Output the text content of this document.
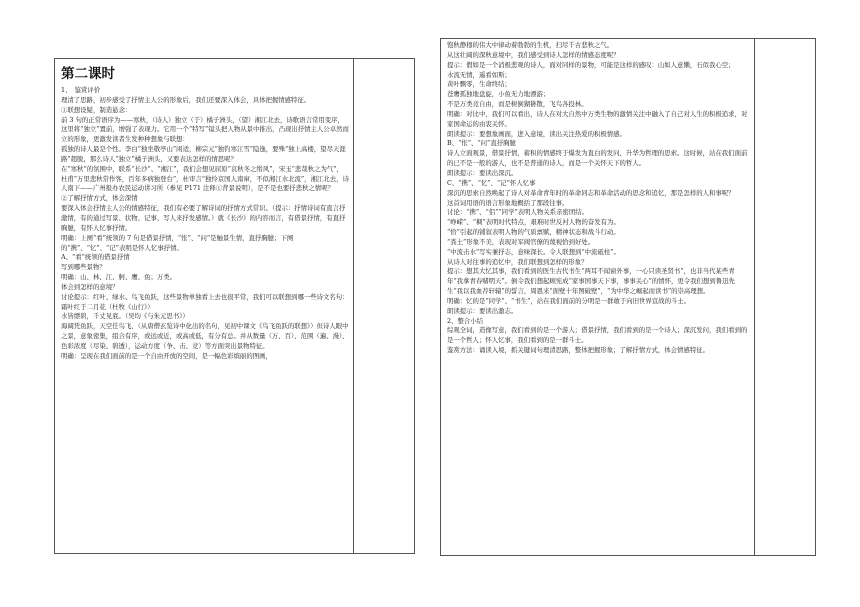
第二课时
1、　鉴赏评价
理清了思路，初步感受了抒情主人公的形象后，我们还要深入体会，具体把握情感特征。
①联想设疑，制造悬念：
前 3 句的正常语序为——寒秋，（诗人）独立（于）橘子洲头，（望）湘江北去，诗歌语言常用变序，这里将“独立”置前，增强了表现力。它用一个“特写”镜头把人物从景中推出，凸现出抒情主人公卓然而立的形象，更激发读者生发种种想象与联想：
孤独的诗人最是个性。李白“独坐敬亭山”闲适，柳宗元“独钓寒江雪”隐逸，要殊“独上高楼，望尽天涯路”超脱，那么诗人“独立”橘子洲头，又要表达怎样的情思呢？
在“寒秋”的氛围中，联系“长沙”、“湘江”，我们会想见屈原“哀秋冬之缗风”，宋玉“悲哉秋之为气”，杜甫“万里悲秋常作客，百年多病独登台”，杜审言“独怜京国人南窜，不似湘江水北流”，湘江北去，诗人南下——广州报办农民运动讲习所（参见 P171 注释①背景说明），是不是也要抒悲秋之情呢？
②了解抒情方式，体会深情
要深入体会抒情主人公的情感特征，我们有必要了解诗词的抒情方式常识。（提示：抒情诗词有直言抒激情，有的通过写景、状物、记事、写人来抒发感情。）就《长沙》的内容而言，有借景抒情，有直抒胸臆，有怀人忆事抒情。
明确：上阕“看”统领的 7 句是借景抒情，“怅”、“问”是触景生情，直抒胸臆；下阕的“携”、“忆”、“记”表明是怀人忆事抒情。
A、“看”统领的借景抒情
写到哪些景物？
明确：山、林、江、舸、鹰、鱼；万类。
体会到怎样的意境？
讨论提示：红叶、绿水、鸟飞鱼跃，这些景物单独看上去也很平常，我们可以联想到哪一些诗文名句：
霜叶红于二月花（杜牧《山行》）
水皆缥碧，千丈见底。（吴均《与朱元思书》）
海阔凭鱼跃，天空任鸟飞、（从唐僧玄览诗中化出的名句，见初中课文《鸟飞鱼跃的联想》）但诗人眼中之景，意象密集，组合有序，或远或近，或高或低，有分有总。并从数量（万、百）、范围（遍、漫）、色彩浓度（尽染、碧透），运动方度（争、击、竞）等方面突出景物特征。
明确：呈现在我们面前的是一个自由开放的空间，是一幅色彩缤丽的图画，

饱秋静穆的伟大中律动着勃勃的生机，扫尽千古悲秋之气。
从这壮阔的深秋意境中，我们感受到诗人怎样的情感态度呢？
提示：假如是一个消极悲观的诗人，面对同样的景物，可能是这样的感叹：山如人意懒，石似我心空；
水流无情，遥看如斯；
黄叶飘零，生命终结；
苍鹰孤独地盘旋，小鱼无力地漂游；
不是万类竞自由，而是树倒猢狲散，飞鸟各投林。
明确：对比中，我们可以看出，诗人在对大自然中万类生物的激情关注中融入了自己对人生的积极追求，对家国命运的由衷关怀。
朗读提示：要想象画面，进入意境，读出关注热爱的积极情感。
B、“怅”、“问”直抒胸臆
诗人立面观景，借景抒情，蓄积的情感终于爆发为直白的发问，升华为哲理的思索。这时候，站在我们面前的已不是一般的游人，也不是普通的诗人，而是一个关怀天下的哲人。
朗读提示：要读出深沉。
C、“携”、“忆”、“记”怀人忆事
深沉的思索自然唤起了诗人对革命青年时的革命同志和革命活动的思念和追忆，那是怎样的人和事呢？
这首词用语的语言形象地概括了那段往事。
讨论：“携”、“侣”“同学”表明人物关系亲密团结。
“峥嵘”、“稠”表明时代特点，艰难时世反衬人物的奋发有为。
“恰”引起的铺叙表明人物的气质禀赋，精神状态和战斗行动。
“粪土”形象不美，表现对军阀官僚的蔑视恰到好处。
“中流击水”写实兼抒志，意味深长。令人联想到“中流砥柱”。
从诗人对往事的追忆中，我们联想到怎样的形象？
提示：想其大忆其事，我们看到的医生古代书生“两耳不闻窗外事，一心只读圣贤书”，也非当代某些青年“我拿青春赌明天”。倒令我们想起顾宪成“家事国事天下事，事事关心”的情怀，更令我们想到鲁迅先生“我以我血荐轩辕”的誓言，周恩来“面壁十年图破壁”，“为中华之崛起而读书”的崇高理想。
明确：忆的是“同学”、“书生”，站在我们面前的分明是一群敢于向旧世界宣战的斗士。
朗读提示：要读出激志。
2、整合小结
综观全词，造像写意，我们看到的是一个游人；借景抒情，我们看到的是一个诗人；深沉发问，我们看到的是一个哲人；怀人忆事，我们看到的是一群斗士。
鉴赏方法：诵读入境，抓关键词句理清思路，整体把握形象；了解抒情方式，体会情感特征。
